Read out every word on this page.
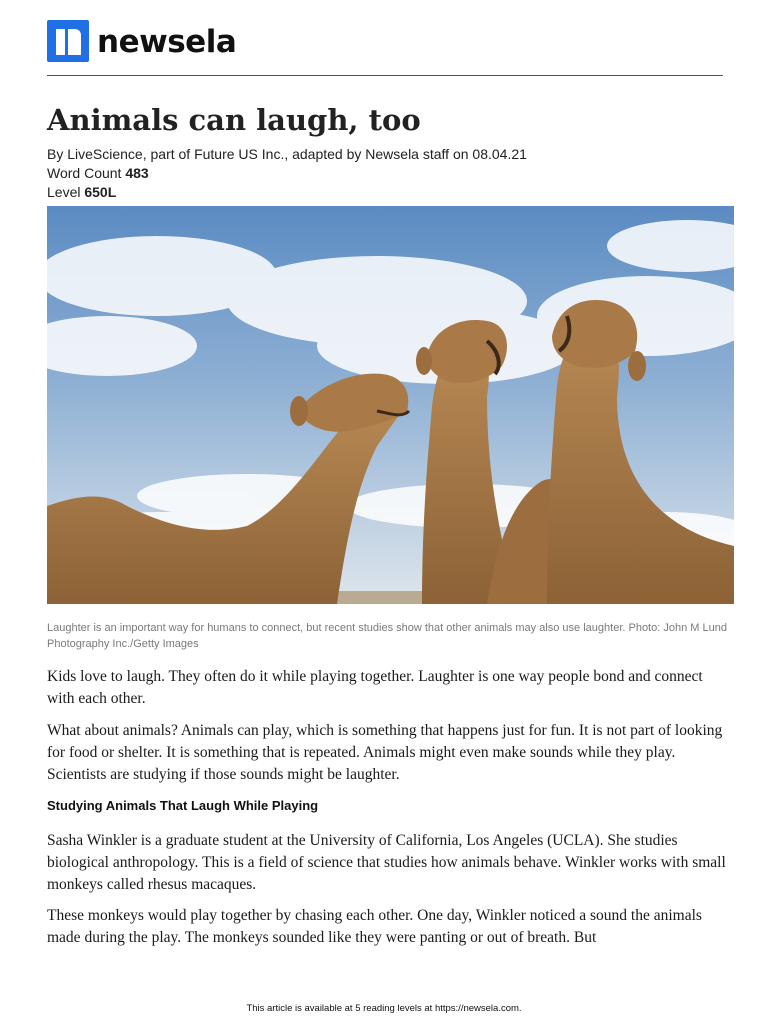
newsela
Animals can laugh, too
By LiveScience, part of Future US Inc., adapted by Newsela staff on 08.04.21
Word Count 483
Level 650L
Laughter is an important way for humans to connect, but recent studies show that other animals may also use laughter. Photo: John M Lund Photography Inc./Getty Images

Kids love to laugh. They often do it while playing together. Laughter is one way people bond and connect with each other.

What about animals? Animals can play, which is something that happens just for fun. It is not part of looking for food or shelter. It is something that is repeated. Animals might even make sounds while they play. Scientists are studying if those sounds might be laughter.

Studying Animals That Laugh While Playing

Sasha Winkler is a graduate student at the University of California, Los Angeles (UCLA). She studies biological anthropology. This is a field of science that studies how animals behave. Winkler works with small monkeys called rhesus macaques.

These monkeys would play together by chasing each other. One day, Winkler noticed a sound the animals made during the play. The monkeys sounded like they were panting or out of breath. But

This article is available at 5 reading levels at https://newsela.com.
